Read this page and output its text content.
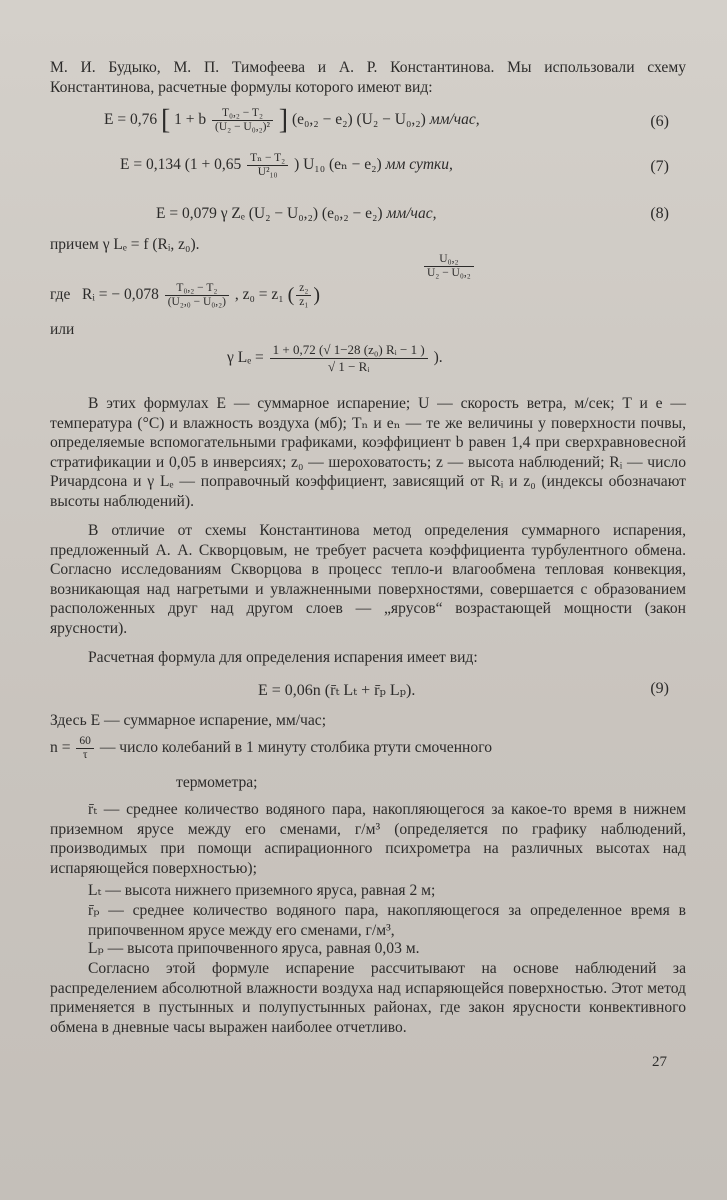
М. И. Будыко, М. П. Тимофеева и А. Р. Константинова. Мы использовали схему Константинова, расчетные формулы которого имеют вид:

E = 0,76 [ 1 + b $\frac{\text{T₀,₂ − T₂}}{\text{(U₂ − U₀,₂)²}}$ ] (e₀,₂ − e₂) (U₂ − U₀,₂) мм/час,	(6)
E = 0,134 ($1 + 0,65 \frac{\text{Tₙ − T₂}}{\text{U²₁₀}}$ ) U₁₀ (eₙ − e₂) мм сутки,	(7)
E = 0,079 γ Zₑ (U₂ − U₀,₂) (e₀,₂ − e₂) мм/час,	(8)
причем γ Lₑ = f (Rᵢ, z₀).
где Rᵢ = − $0,078 \frac{\text{T₀,₂ − T₂}}{\text{(U₂,₀ − U₀,₂)}}$ , z₀ = z₁ ( $\frac{\text{z₂}}{\text{z₁}}$ )
$\frac{\text{U₀,₂}}{\text{U₂ − U₀,₂}}$
или
γ $L_e = \frac{\text{1 + 0,72 (√ 1−28 (z₀) Rᵢ − 1 )}}{\text{√ 1 − Rᵢ}}$ ).

В этих формулах E — суммарное испарение; U — скорость ветра, м/сек; T и e — температура (°C) и влажность воздуха (мб); Tₙ и eₙ — те же величины у поверхности почвы, определяемые вспомогательными графиками, коэффициент b равен 1,4 при сверхравновесной стратификации и 0,05 в инверсиях; z₀ — шероховатость; z — высота наблюдений; Rᵢ — число Ричардсона и γ Lₑ — поправочный коэффициент, зависящий от Rᵢ и z₀ (индексы обозначают высоты наблюдений).

В отличие от схемы Константинова метод определения суммарного испарения, предложенный А. А. Скворцовым, не требует расчета коэффициента турбулентного обмена. Согласно исследованиям Скворцова в процесс тепло-и влагообмена тепловая конвекция, возникающая над нагретыми и увлажненными поверхностями, совершается с образованием расположенных друг над другом слоев — „ярусов“ возрастающей мощности (закон ярусности).

Расчетная формула для определения испарения имеет вид:

E = 0,06n (r̄ₜ Lₜ + r̄ₚ Lₚ).	(9)
Здесь E — суммарное испарение, мм/час;
$n = \frac{60}{\tau}$ — число колебаний в 1 минуту столбика ртути смоченного
термометра;

r̄ₜ — среднее количество водяного пара, накопляющегося за какое-то время в нижнем приземном ярусе между его сменами, г/м³ (определяется по графику наблюдений, производимых при помощи аспирационного психрометра на различных высотах над испаряющейся поверхностью);

Lₜ — высота нижнего приземного яруса, равная 2 м;

r̄ₚ — среднее количество водяного пара, накопляющегося за определенное время в припочвенном ярусе между его сменами, г/м³,

Lₚ — высота припочвенного яруса, равная 0,03 м.

Согласно этой формуле испарение рассчитывают на основе наблюдений за распределением абсолютной влажности воздуха над испаряющейся поверхностью. Этот метод применяется в пустынных и полупустынных районах, где закон ярусности конвективного обмена в дневные часы выражен наиболее отчетливо.

27
